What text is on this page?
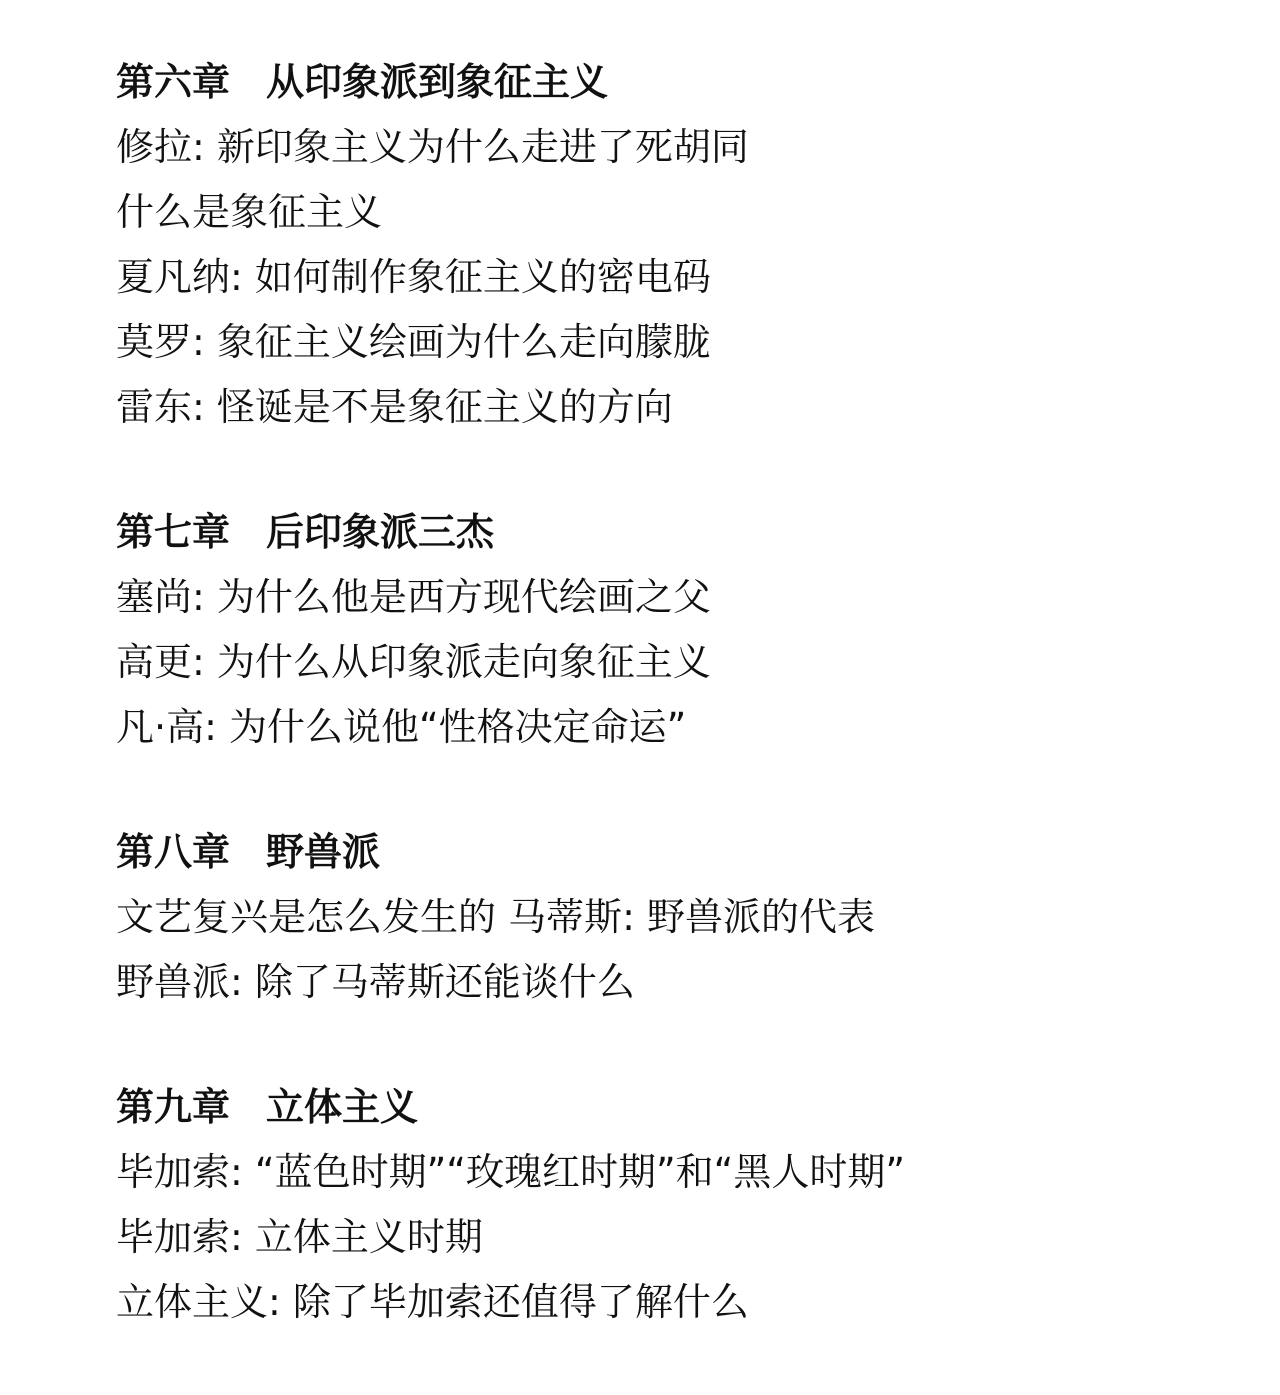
第六章 从印象派到象征主义
修拉: 新印象主义为什么走进了死胡同
什么是象征主义
夏凡纳: 如何制作象征主义的密电码
莫罗: 象征主义绘画为什么走向朦胧
雷东: 怪诞是不是象征主义的方向
第七章 后印象派三杰
塞尚: 为什么他是西方现代绘画之父
高更: 为什么从印象派走向象征主义
凡·高: 为什么说他“性格决定命运”
第八章 野兽派
文艺复兴是怎么发生的 马蒂斯: 野兽派的代表
野兽派: 除了马蒂斯还能谈什么
第九章 立体主义
毕加索: “蓝色时期”“玫瑰红时期”和“黑人时期”
毕加索: 立体主义时期
立体主义: 除了毕加索还值得了解什么
